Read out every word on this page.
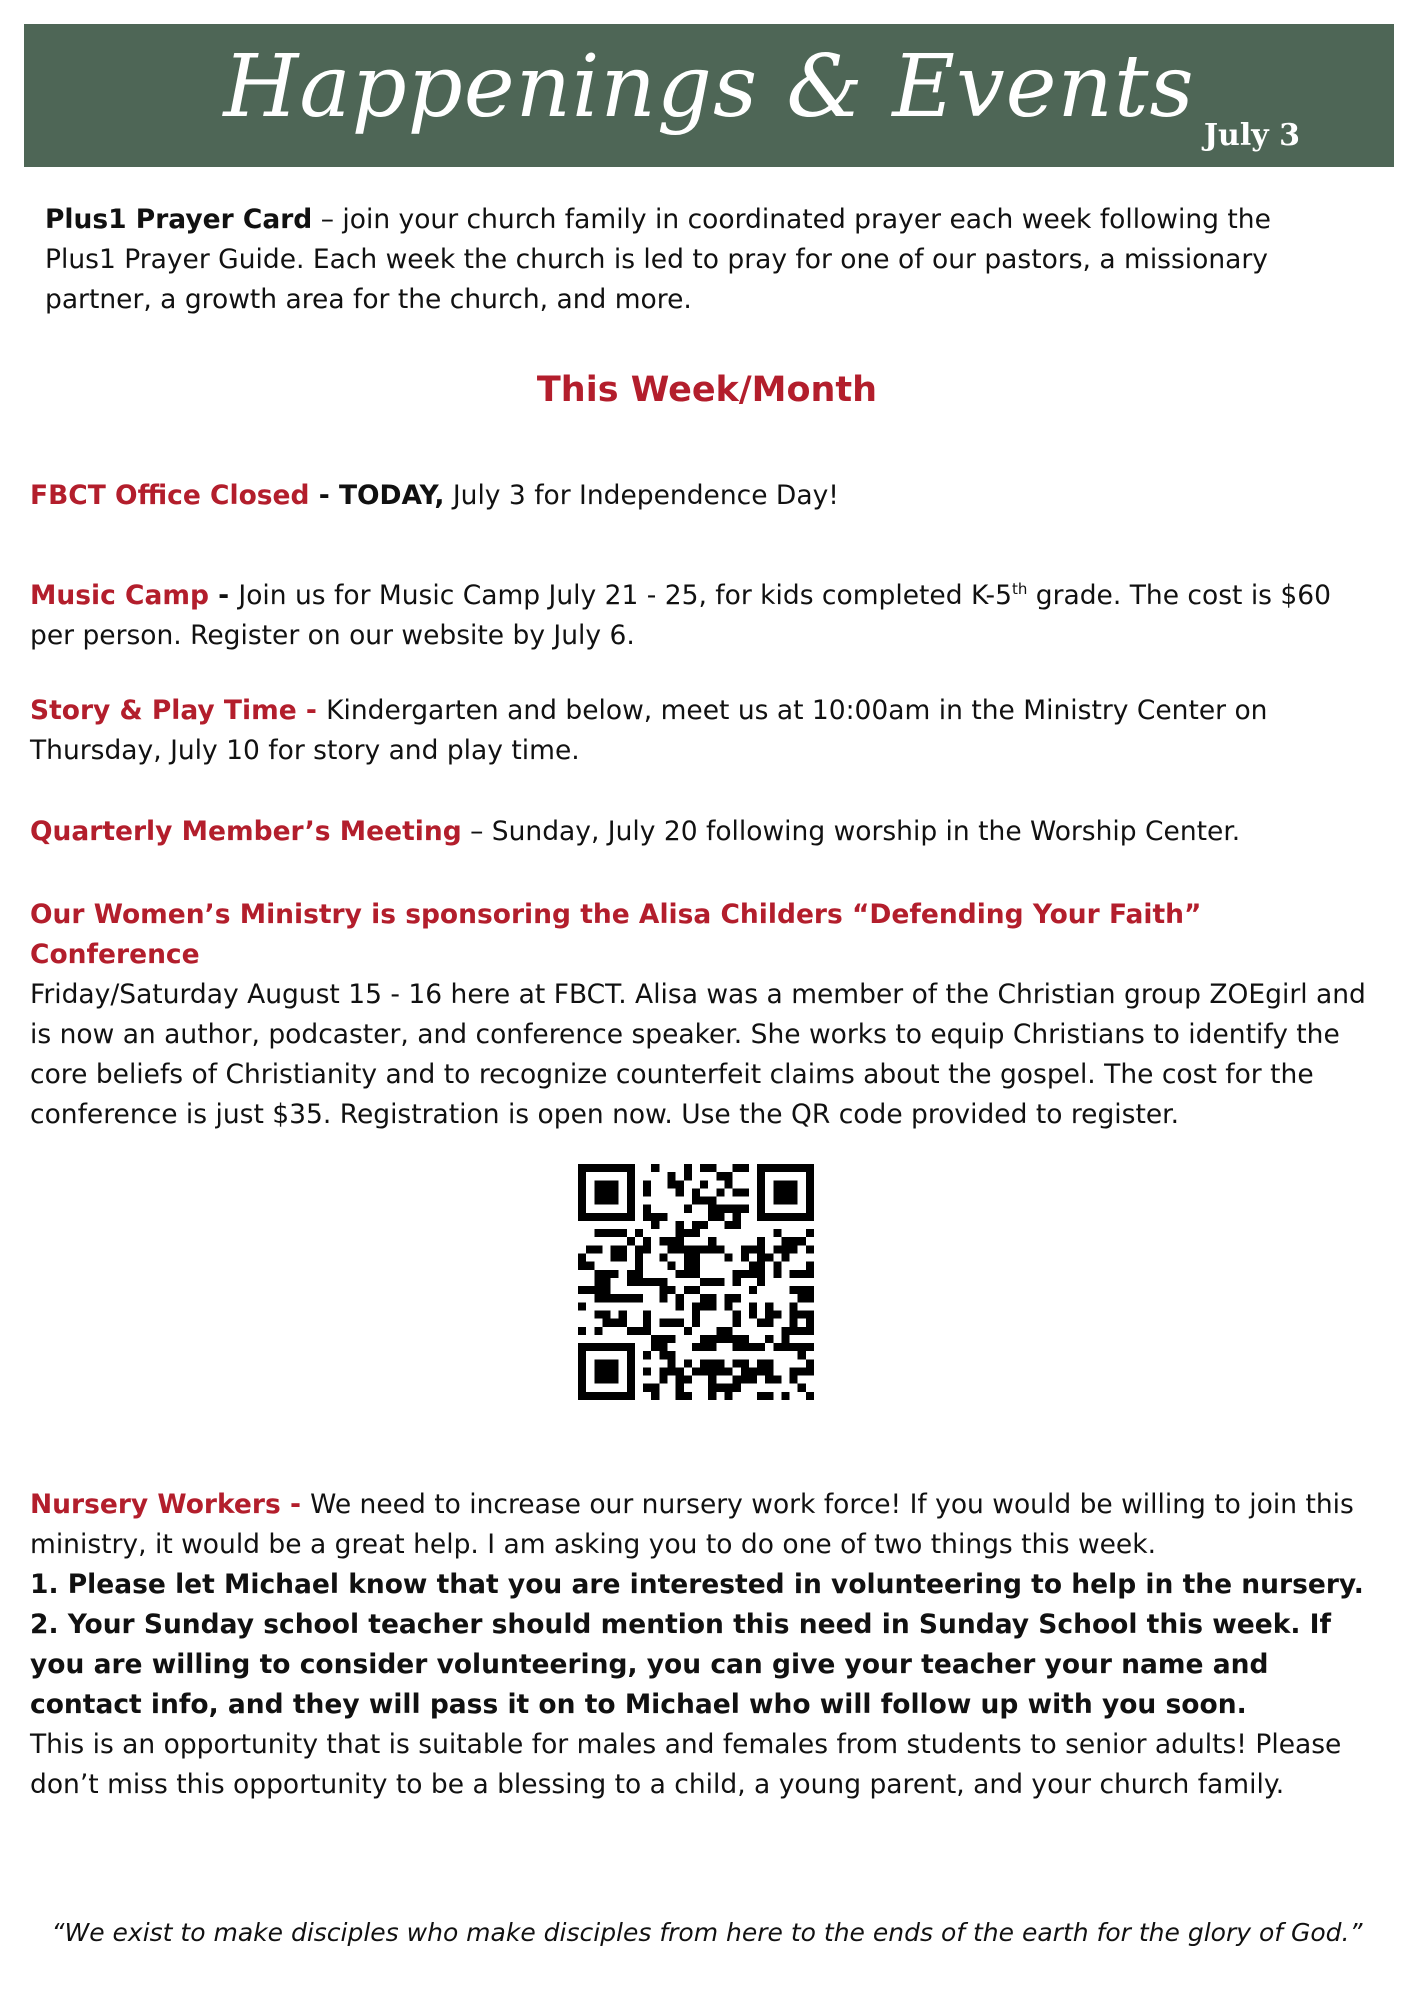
Happenings & Events July 3
Plus1 Prayer Card – join your church family in coordinated prayer each week following the Plus1 Prayer Guide. Each week the church is led to pray for one of our pastors, a missionary partner, a growth area for the church, and more.
This Week/Month
FBCT Office Closed - TODAY, July 3 for Independence Day!
Music Camp - Join us for Music Camp July 21 - 25, for kids completed K-5th grade. The cost is $60 per person. Register on our website by July 6.
Story & Play Time - Kindergarten and below, meet us at 10:00am in the Ministry Center on Thursday, July 10 for story and play time.
Quarterly Member’s Meeting – Sunday, July 20 following worship in the Worship Center.
Our Women’s Ministry is sponsoring the Alisa Childers “Defending Your Faith” Conference
Friday/Saturday August 15 - 16 here at FBCT. Alisa was a member of the Christian group ZOEgirl and is now an author, podcaster, and conference speaker. She works to equip Christians to identify the core beliefs of Christianity and to recognize counterfeit claims about the gospel. The cost for the conference is just $35. Registration is open now. Use the QR code provided to register.
Nursery Workers - We need to increase our nursery work force! If you would be willing to join this ministry, it would be a great help. I am asking you to do one of two things this week.
1. Please let Michael know that you are interested in volunteering to help in the nursery.
2. Your Sunday school teacher should mention this need in Sunday School this week. If you are willing to consider volunteering, you can give your teacher your name and contact info, and they will pass it on to Michael who will follow up with you soon.
This is an opportunity that is suitable for males and females from students to senior adults! Please don’t miss this opportunity to be a blessing to a child, a young parent, and your church family.
“We exist to make disciples who make disciples from here to the ends of the earth for the glory of God.”
